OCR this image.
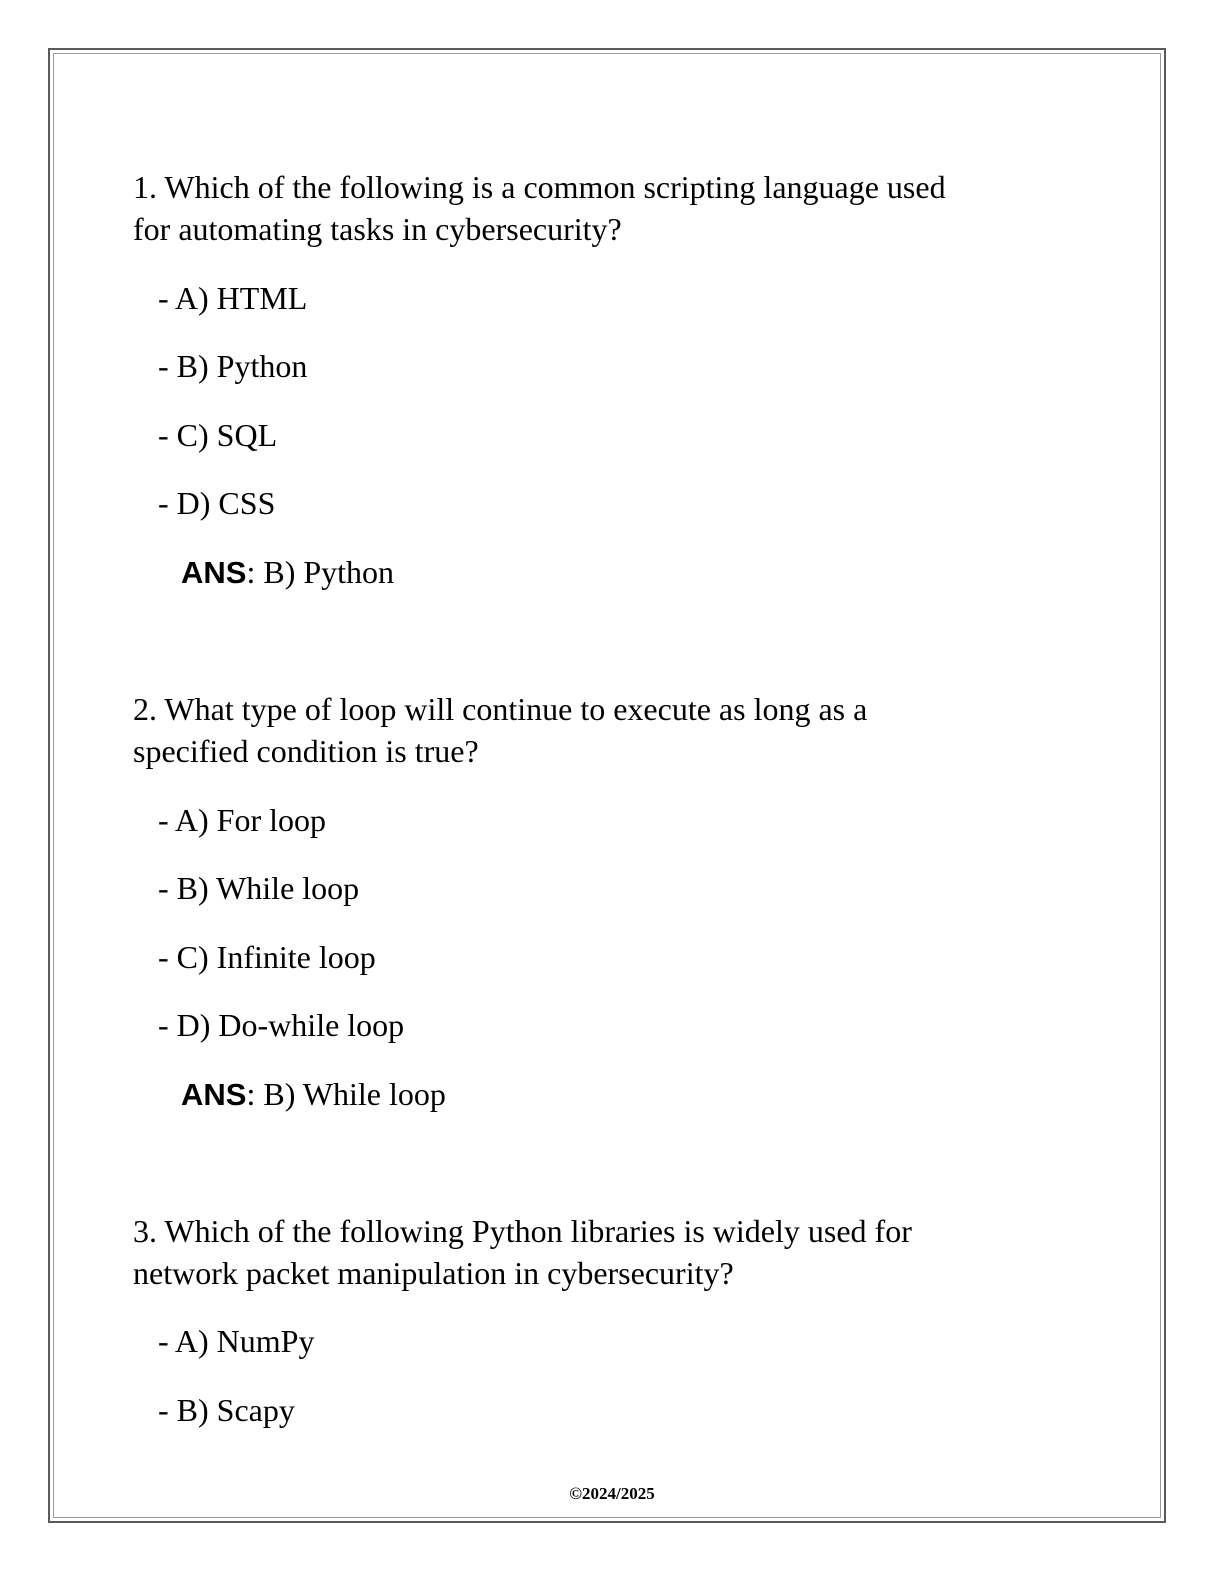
1. Which of the following is a common scripting language used
for automating tasks in cybersecurity?
- A) HTML
- B) Python
- C) SQL
- D) CSS
ANS: B) Python
2. What type of loop will continue to execute as long as a
specified condition is true?
- A) For loop
- B) While loop
- C) Infinite loop
- D) Do-while loop
ANS: B) While loop
3. Which of the following Python libraries is widely used for
network packet manipulation in cybersecurity?
- A) NumPy
- B) Scapy
©2024/2025
